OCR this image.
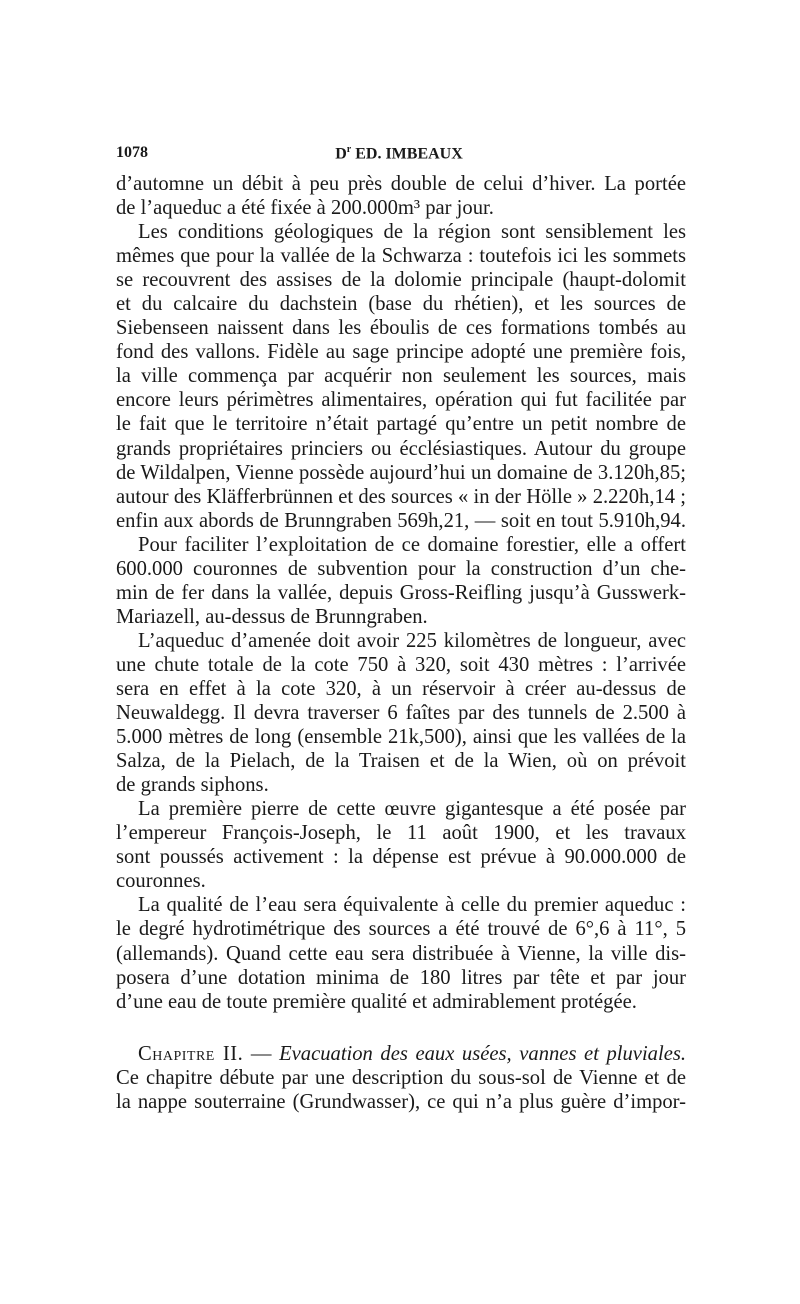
1078	$D^r$ ED. IMBEAUX
d’automne un débit à peu près double de celui d’hiver. La portée
de l’aqueduc a été fixée à 200.000m³ par jour.
Les conditions géologiques de la région sont sensiblement les
mêmes que pour la vallée de la Schwarza : toutefois ici les sommets
se recouvrent des assises de la dolomie principale (haupt-dolomit
et du calcaire du dachstein (base du rhétien), et les sources de
Siebenseen naissent dans les éboulis de ces formations tombés au
fond des vallons. Fidèle au sage principe adopté une première fois,
la ville commença par acquérir non seulement les sources, mais
encore leurs périmètres alimentaires, opération qui fut facilitée par
le fait que le territoire n’était partagé qu’entre un petit nombre de
grands propriétaires princiers ou écclésiastiques. Autour du groupe
de Wildalpen, Vienne possède aujourd’hui un domaine de 3.120h,85;
autour des Kläfferbrünnen et des sources « in der Hölle » 2.220h,14 ;
enfin aux abords de Brunngraben 569h,21, — soit en tout 5.910h,94.
Pour faciliter l’exploitation de ce domaine forestier, elle a offert
600.000 couronnes de subvention pour la construction d’un che-
min de fer dans la vallée, depuis Gross-Reifling jusqu’à Gusswerk-
Mariazell, au-dessus de Brunngraben.
L’aqueduc d’amenée doit avoir 225 kilomètres de longueur, avec
une chute totale de la cote 750 à 320, soit 430 mètres : l’arrivée
sera en effet à la cote 320, à un réservoir à créer au-dessus de
Neuwaldegg. Il devra traverser 6 faîtes par des tunnels de 2.500 à
5.000 mètres de long (ensemble 21k,500), ainsi que les vallées de la
Salza, de la Pielach, de la Traisen et de la Wien, où on prévoit
de grands siphons.
La première pierre de cette œuvre gigantesque a été posée par
l’empereur François-Joseph, le 11 août 1900, et les travaux
sont poussés activement : la dépense est prévue à 90.000.000 de
couronnes.
La qualité de l’eau sera équivalente à celle du premier aqueduc :
le degré hydrotimétrique des sources a été trouvé de 6°,6 à 11°, 5
(allemands). Quand cette eau sera distribuée à Vienne, la ville dis-
posera d’une dotation minima de 180 litres par tête et par jour
d’une eau de toute première qualité et admirablement protégée.
Chapitre II. — Evacuation des eaux usées, vannes et pluviales.
Ce chapitre débute par une description du sous-sol de Vienne et de
la nappe souterraine (Grundwasser), ce qui n’a plus guère d’impor-
